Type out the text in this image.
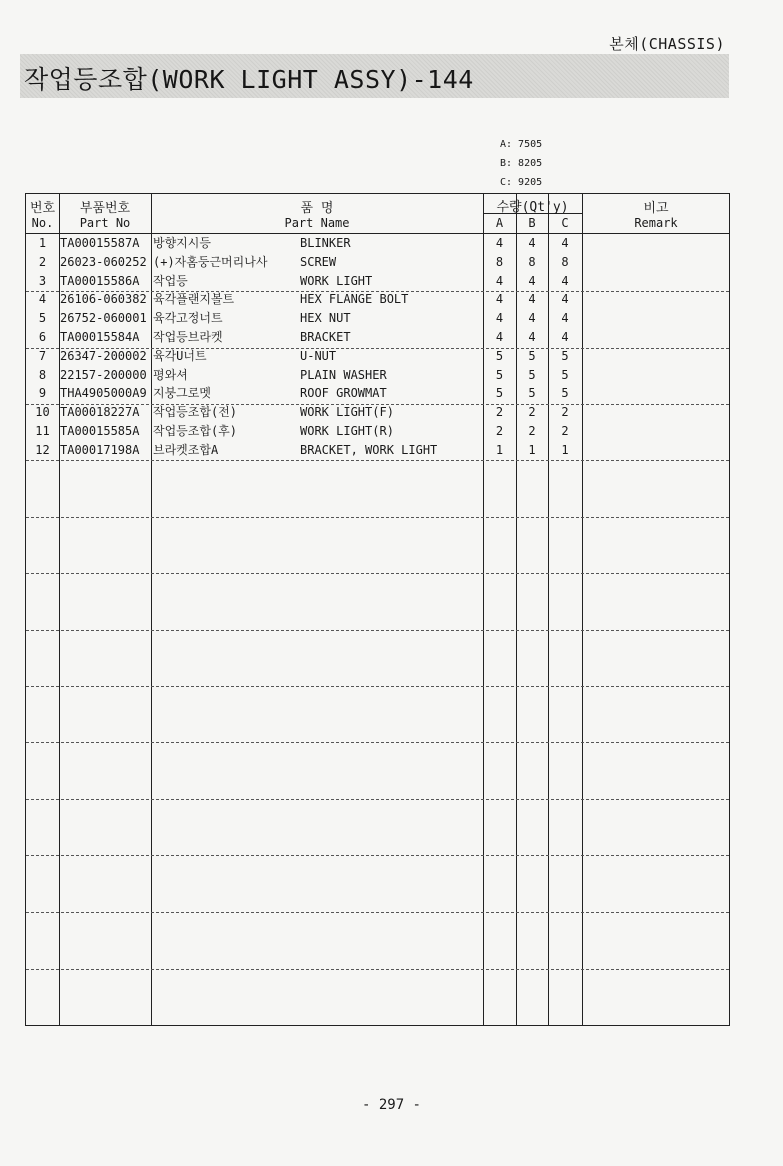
본체(CHASSIS)
작업등조합(WORK LIGHT ASSY)-144
A: 7505
B: 8205
C: 9205
번호
No.
부품번호
Part No
품 명
Part Name
수량(Qt'y)
A	B	C
비고
Remark
1	TA00015587A	방향지시등	BLINKER	4	4	4
2	26023-060252 (+)자홈둥근머리나사	SCREW	8	8	8
3	TA00015586A	작업등	WORK LIGHT	4	4	4
4	26106-060382 육각플랜지볼트	HEX FLANGE BOLT	4	4	4
5	26752-060001 육각고정너트	HEX NUT	4	4	4
6	TA00015584A	작업등브라켓	BRACKET	4	4	4
7	26347-200002 육각U너트	U-NUT	5	5	5
8	22157-200000 평와셔	PLAIN WASHER	5	5	5
9	THA4905000A9 지붕그로멧	ROOF GROWMAT	5	5	5
10 TA00018227A	작업등조합(전)	WORK LIGHT(F)	2	2	2
11 TA00015585A	작업등조합(후)	WORK LIGHT(R)	2	2	2
12 TA00017198A	브라켓조합A	BRACKET, WORK LIGHT	1	1	1
- 297 -
